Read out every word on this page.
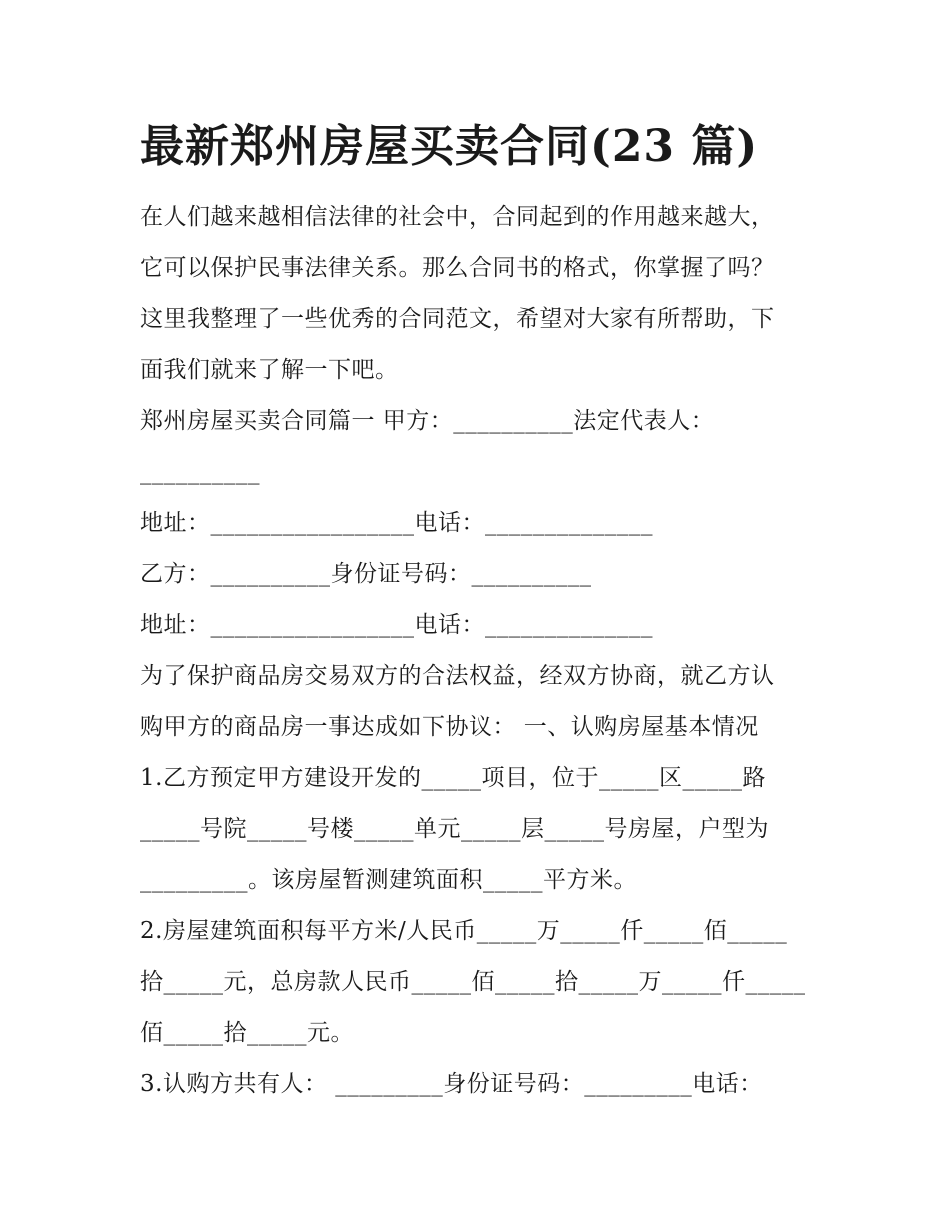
最新郑州房屋买卖合同(23 篇)
在人们越来越相信法律的社会中，合同起到的作用越来越大，
它可以保护民事法律关系。那么合同书的格式，你掌握了吗？
这里我整理了一些优秀的合同范文，希望对大家有所帮助，下
面我们就来了解一下吧。
郑州房屋买卖合同篇一 甲方：__________法定代表人：
__________
地址：_________________电话：______________
乙方：__________身份证号码：__________
地址：_________________电话：______________
为了保护商品房交易双方的合法权益，经双方协商，就乙方认
购甲方的商品房一事达成如下协议： 一、认购房屋基本情况
1.乙方预定甲方建设开发的_____项目，位于_____区_____路
_____号院_____号楼_____单元_____层_____号房屋，户型为
_________。该房屋暂测建筑面积_____平方米。
2.房屋建筑面积每平方米/人民币_____万_____仟_____佰_____
拾_____元，总房款人民币_____佰_____拾_____万_____仟_____
佰_____拾_____元。
3.认购方共有人： _________身份证号码：_________电话：
